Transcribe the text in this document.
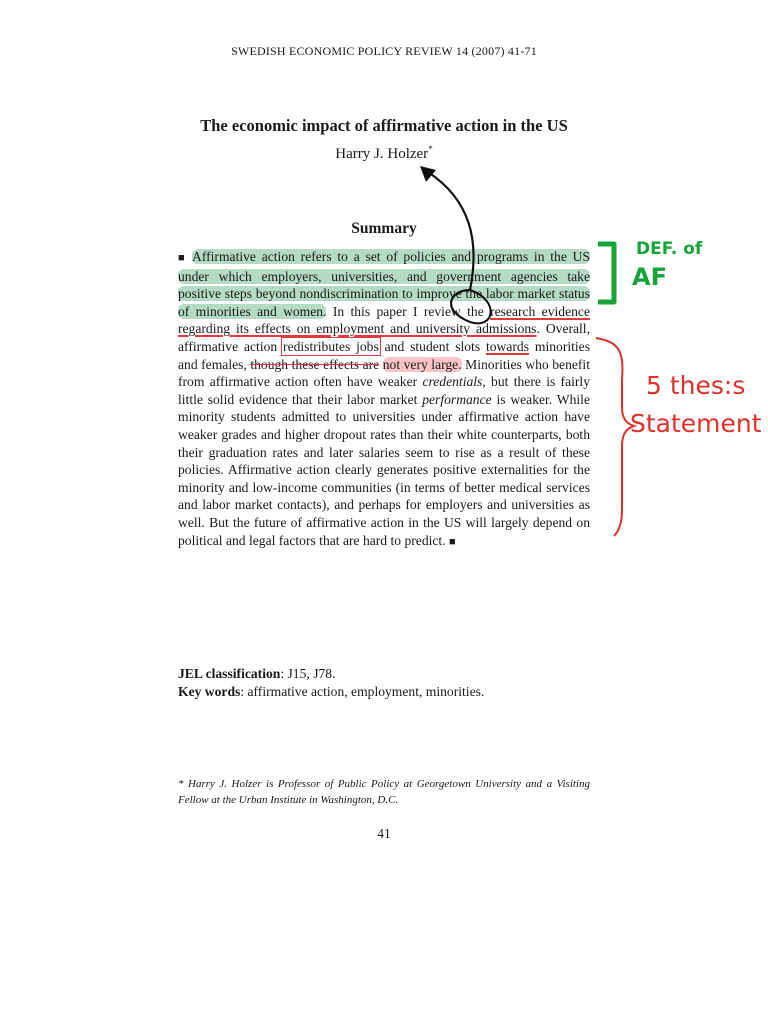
SWEDISH ECONOMIC POLICY REVIEW 14 (2007) 41-71
The economic impact of affirmative action in the US
Harry J. Holzer*
Summary

■ Affirmative action refers to a set of policies and programs in the US under which employers, universities, and government agencies take positive steps beyond nondiscrimination to improve the labor market status of minorities and women. In this paper I review the research evidence regarding its effects on employment and university admissions. Overall, affirmative action redistributes jobs and student slots towards minorities and females, though these effects are not very large. Minorities who benefit from affirmative action often have weaker credentials, but there is fairly little solid evidence that their labor market performance is weaker. While minority students admitted to universities under affirmative action have weaker grades and higher dropout rates than their white counterparts, both their graduation rates and later salaries seem to rise as a result of these policies. Affirmative action clearly generates positive externalities for the minority and low-income communities (in terms of better medical services and labor market contacts), and perhaps for employers and universities as well. But the future of affirmative action in the US will largely depend on political and legal factors that are hard to predict. ■

JEL classification: J15, J78.
Key words: affirmative action, employment, minorities.
* Harry J. Holzer is Professor of Public Policy at Georgetown University and a Visiting Fellow at the Urban Institute in Washington, D.C.
41
DEF. of
AF
5 thes:s
Statement
